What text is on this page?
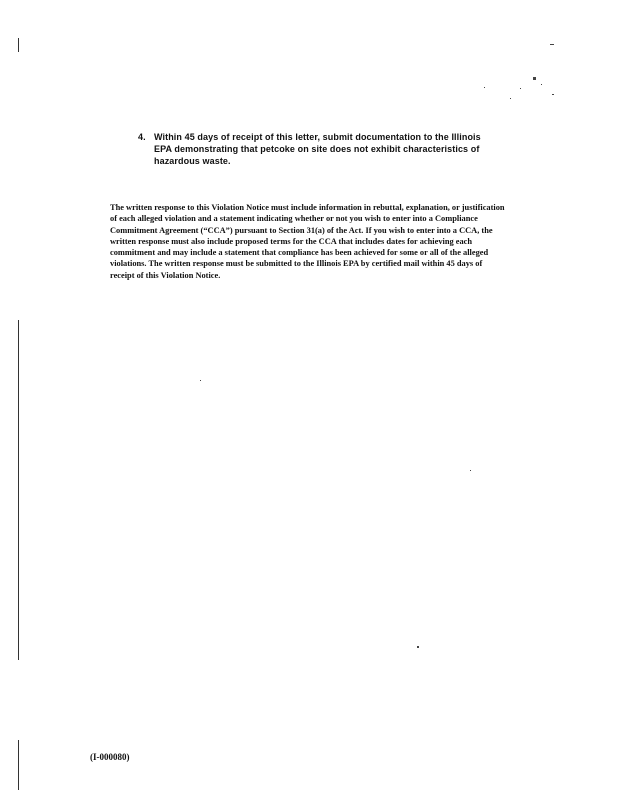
4. Within 45 days of receipt of this letter, submit documentation to the Illinois EPA demonstrating that petcoke on site does not exhibit characteristics of hazardous waste.

The written response to this Violation Notice must include information in rebuttal, explanation, or justification of each alleged violation and a statement indicating whether or not you wish to enter into a Compliance Commitment Agreement (“CCA”) pursuant to Section 31(a) of the Act. If you wish to enter into a CCA, the written response must also include proposed terms for the CCA that includes dates for achieving each commitment and may include a statement that compliance has been achieved for some or all of the alleged violations. The written response must be submitted to the Illinois EPA by certified mail within 45 days of receipt of this Violation Notice.

(I-000080)
